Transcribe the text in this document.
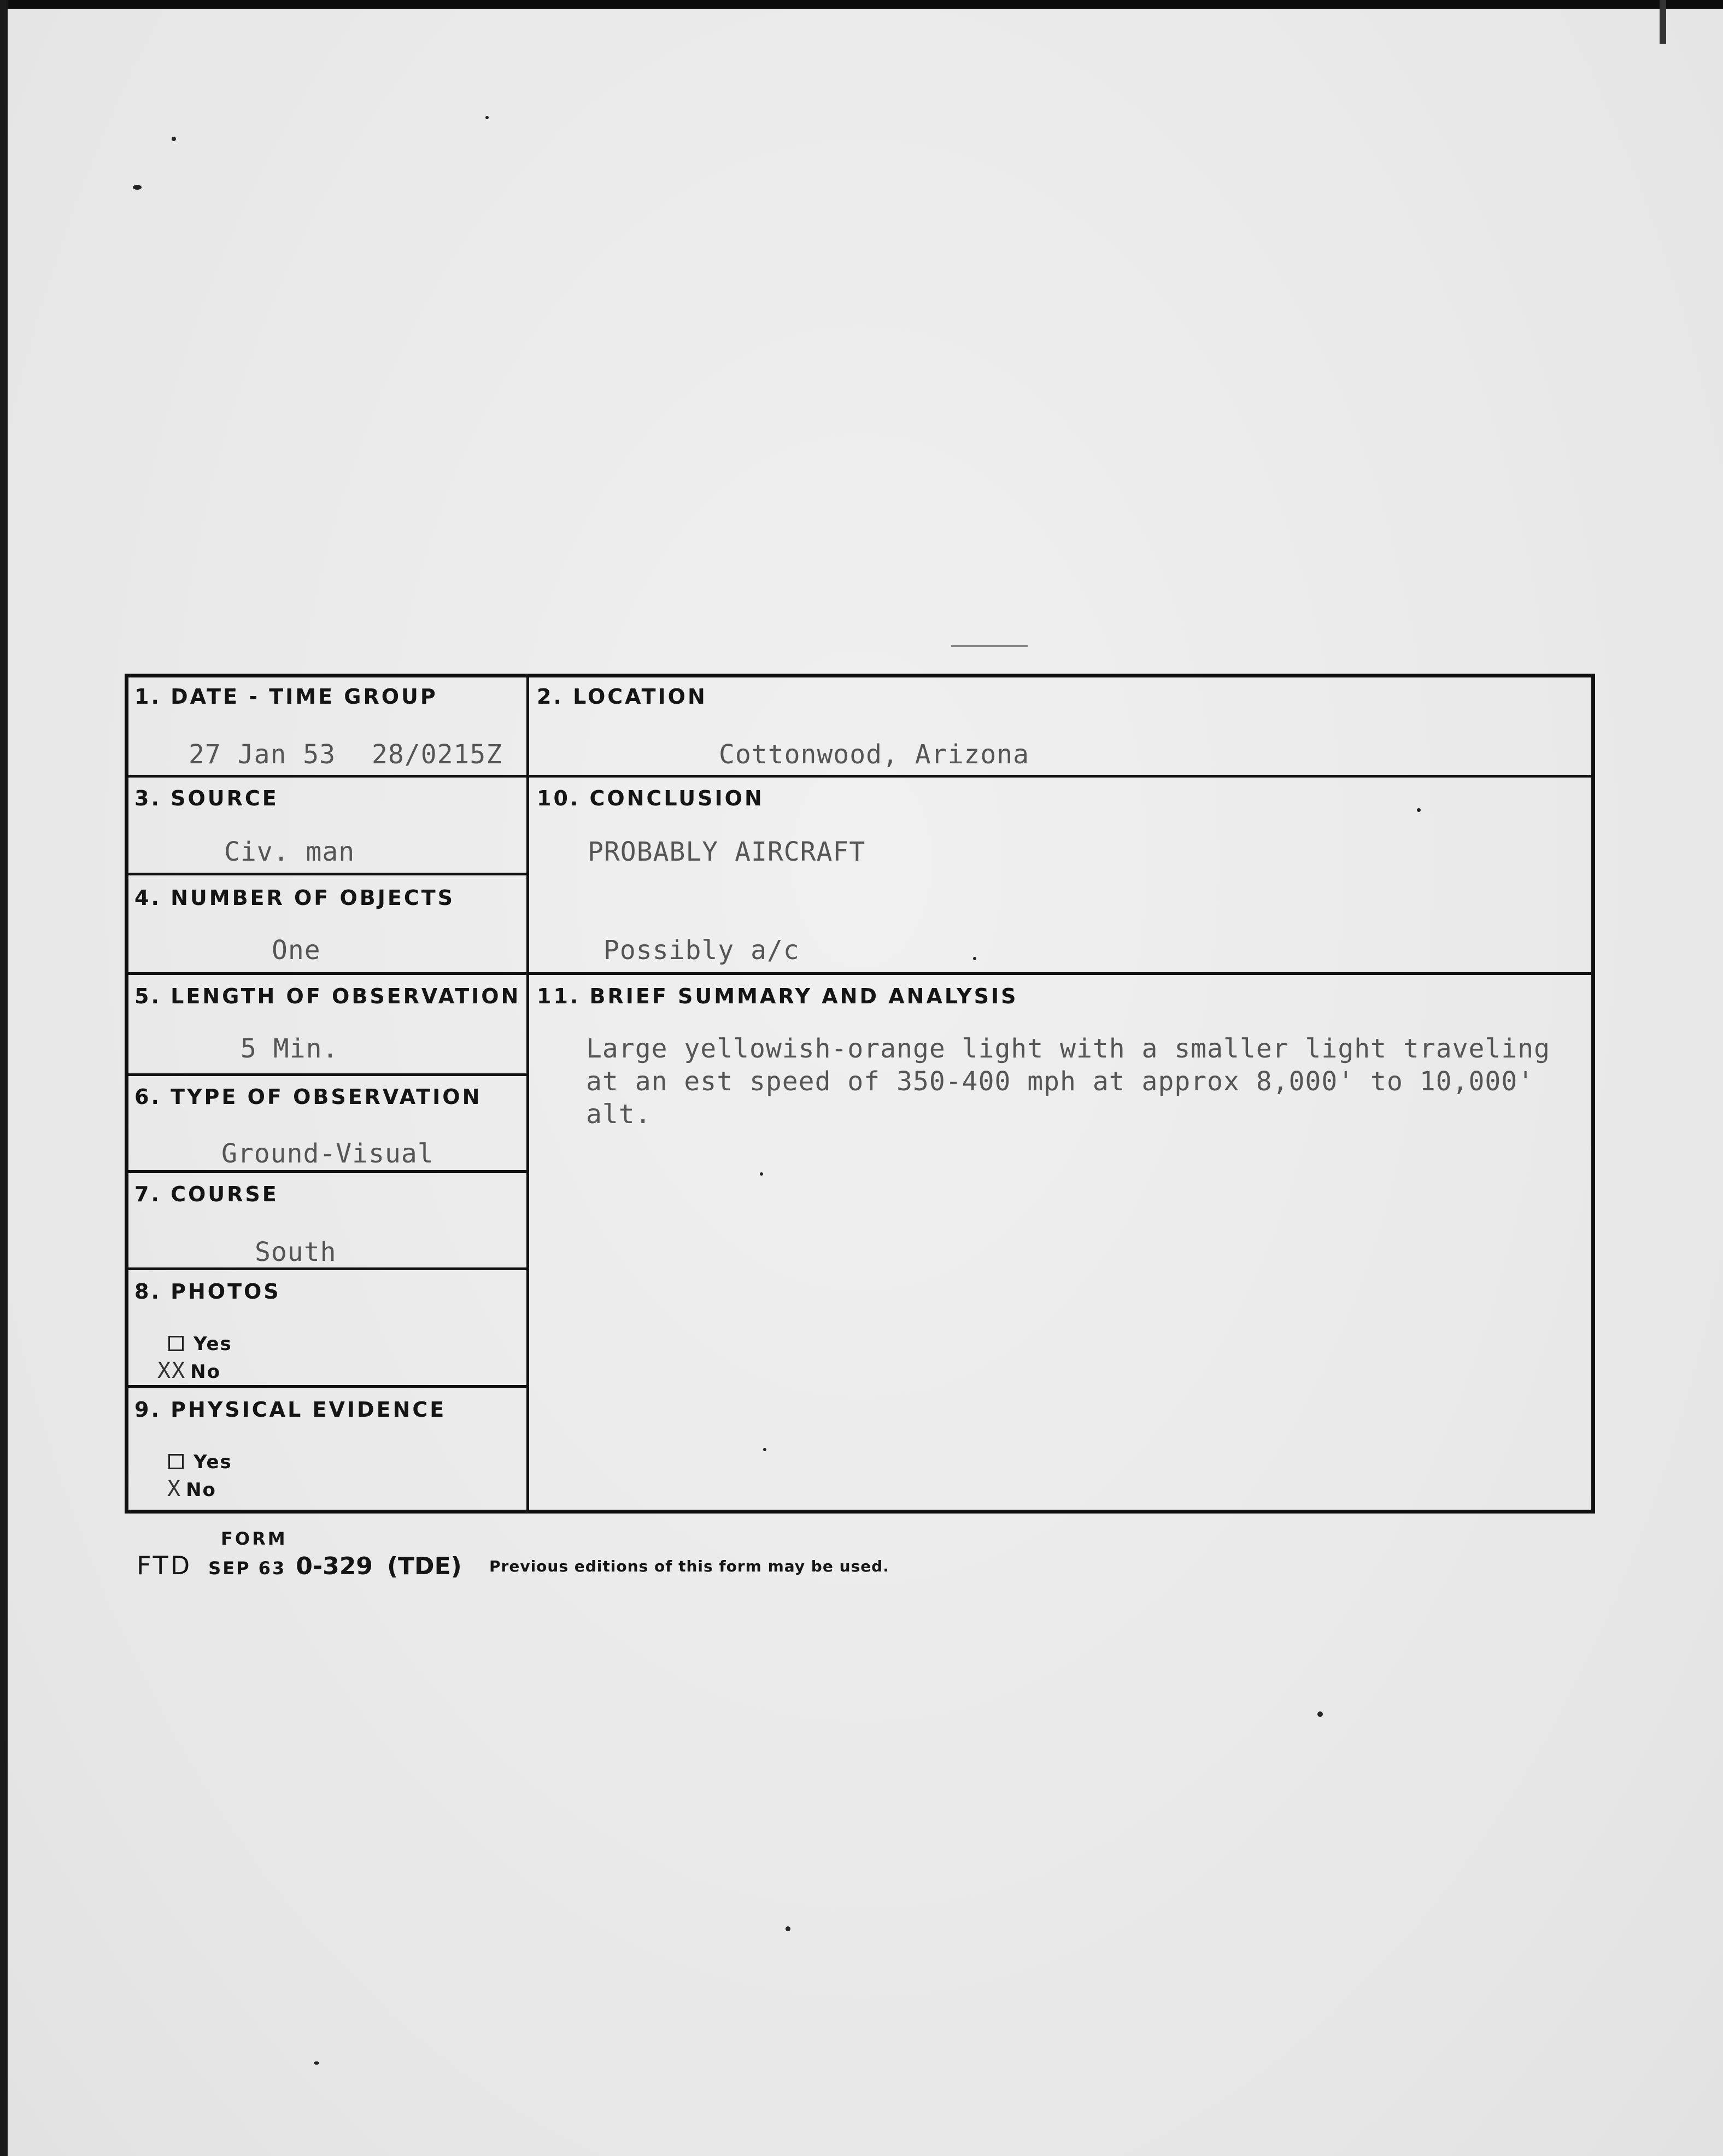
1. DATE - TIME GROUP
27 Jan 53 28/0215Z
2. LOCATION
Cottonwood, Arizona
3. SOURCE
Civ. man
10. CONCLUSION
PROBABLY AIRCRAFT
Possibly a/c
4. NUMBER OF OBJECTS
One
5. LENGTH OF OBSERVATION
5 Min.
11. BRIEF SUMMARY AND ANALYSIS
Large yellowish-orange light with a smaller light traveling
at an est speed of 350-400 mph at approx 8,000' to 10,000'
alt.
6. TYPE OF OBSERVATION
Ground-Visual
7. COURSE
South
8. PHOTOS
Yes
XX No
9. PHYSICAL EVIDENCE
Yes
X No
FORM
FTD SEP 63 0-329 (TDE) Previous editions of this form may be used.
